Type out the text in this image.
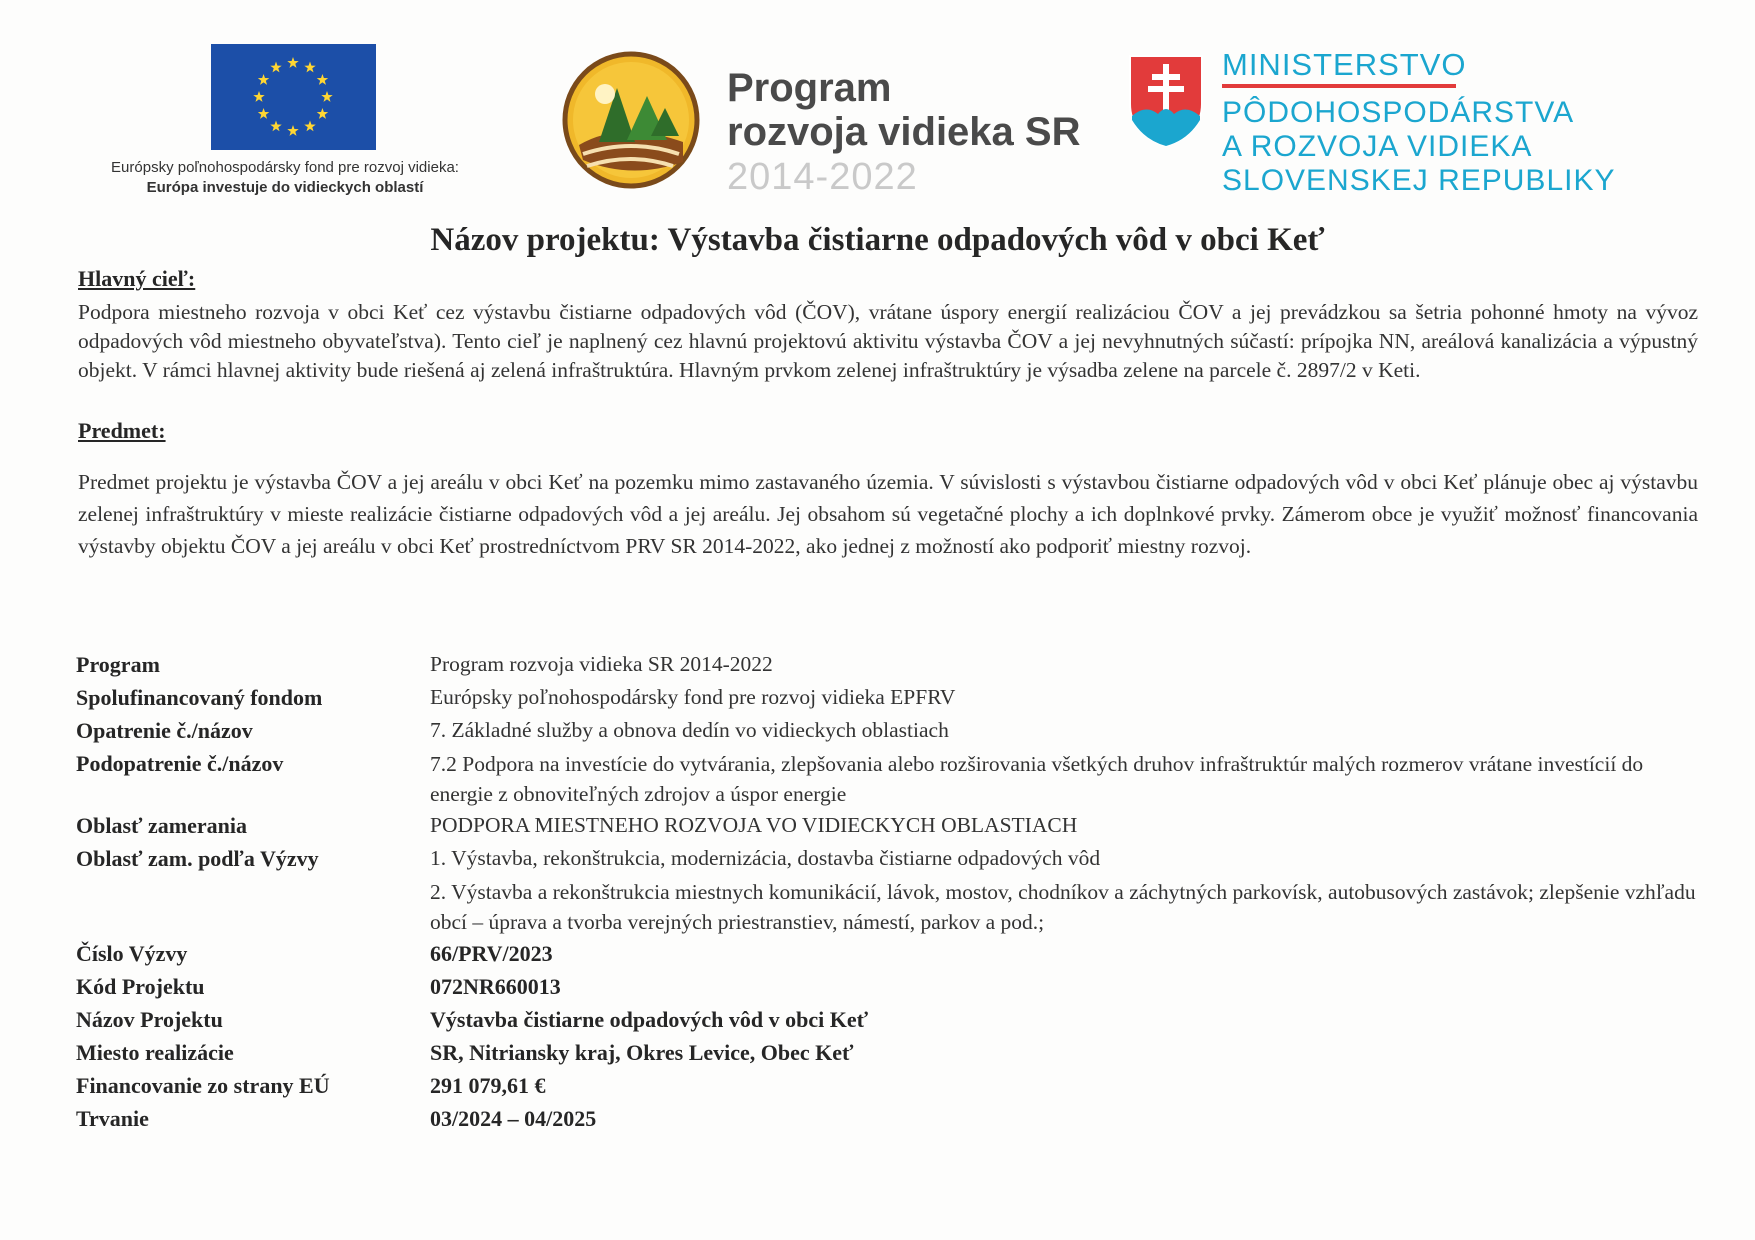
Európsky poľnohospodársky fond pre rozvoj vidieka:
Európa investuje do vidieckych oblastí
Program
rozvoja vidieka SR
2014-2022
MINISTERSTVO
PÔDOHOSPODÁRSTVA
A ROZVOJA VIDIEKA
SLOVENSKEJ REPUBLIKY
Názov projektu: Výstavba čistiarne odpadových vôd v obci Keť
Hlavný cieľ:
Podpora miestneho rozvoja v obci Keť cez výstavbu čistiarne odpadových vôd (ČOV), vrátane úspory energií realizáciou ČOV a jej prevádzkou sa šetria pohonné hmoty na vývoz odpadových vôd miestneho obyvateľstva). Tento cieľ je naplnený cez hlavnú projektovú aktivitu výstavba ČOV a jej nevyhnutných súčastí: prípojka NN, areálová kanalizácia a výpustný objekt. V rámci hlavnej aktivity bude riešená aj zelená infraštruktúra. Hlavným prvkom zelenej infraštruktúry je výsadba zelene na parcele č. 2897/2 v Keti.
Predmet:
Predmet projektu je výstavba ČOV a jej areálu v obci Keť na pozemku mimo zastavaného územia. V súvislosti s výstavbou čistiarne odpadových vôd v obci Keť plánuje obec aj výstavbu zelenej infraštruktúry v mieste realizácie čistiarne odpadových vôd a jej areálu. Jej obsahom sú vegetačné plochy a ich doplnkové prvky. Zámerom obce je využiť možnosť financovania výstavby objektu ČOV a jej areálu v obci Keť prostredníctvom PRV SR 2014-2022, ako jednej z možností ako podporiť miestny rozvoj.
Program	Program rozvoja vidieka SR 2014-2022
Spolufinancovaný fondom	Európsky poľnohospodársky fond pre rozvoj vidieka EPFRV
Opatrenie č./názov	7. Základné služby a obnova dedín vo vidieckych oblastiach
Podopatrenie č./názov	7.2 Podpora na investície do vytvárania, zlepšovania alebo rozširovania všetkých druhov infraštruktúr malých rozmerov vrátane investícií do energie z obnoviteľných zdrojov a úspor energie
Oblasť zamerania	PODPORA MIESTNEHO ROZVOJA VO VIDIECKYCH OBLASTIACH
Oblasť zam. podľa Výzvy	1. Výstavba, rekonštrukcia, modernizácia, dostavba čistiarne odpadových vôd
2. Výstavba a rekonštrukcia miestnych komunikácií, lávok, mostov, chodníkov a záchytných parkovísk, autobusových zastávok; zlepšenie vzhľadu obcí – úprava a tvorba verejných priestranstiev, námestí, parkov a pod.;
Číslo Výzvy	66/PRV/2023
Kód Projektu	072NR660013
Názov Projektu	Výstavba čistiarne odpadových vôd v obci Keť
Miesto realizácie	SR, Nitriansky kraj, Okres Levice, Obec Keť
Financovanie zo strany EÚ	291 079,61 €
Trvanie	03/2024 – 04/2025
